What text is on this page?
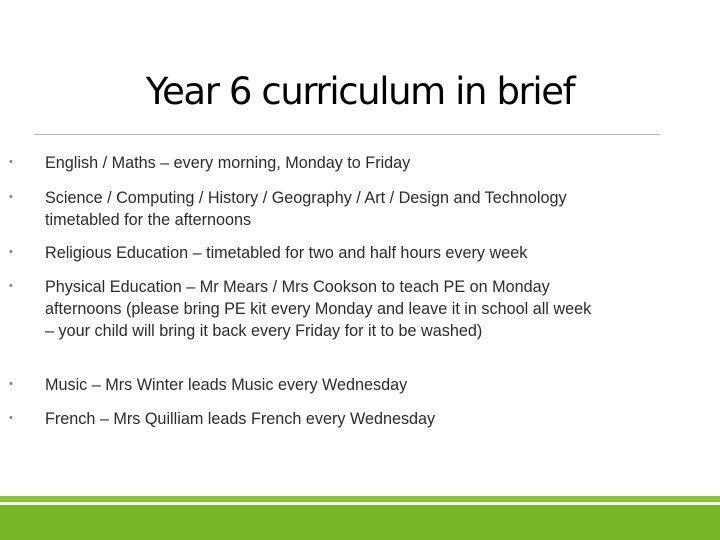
Year 6 curriculum in brief
• English / Maths – every morning, Monday to Friday
• Science / Computing / History / Geography / Art / Design and Technology timetabled for the afternoons
• Religious Education – timetabled for two and half hours every week
• Physical Education – Mr Mears / Mrs Cookson to teach PE on Monday afternoons (please bring PE kit every Monday and leave it in school all week – your child will bring it back every Friday for it to be washed)
• Music – Mrs Winter leads Music every Wednesday
• French – Mrs Quilliam leads French every Wednesday
